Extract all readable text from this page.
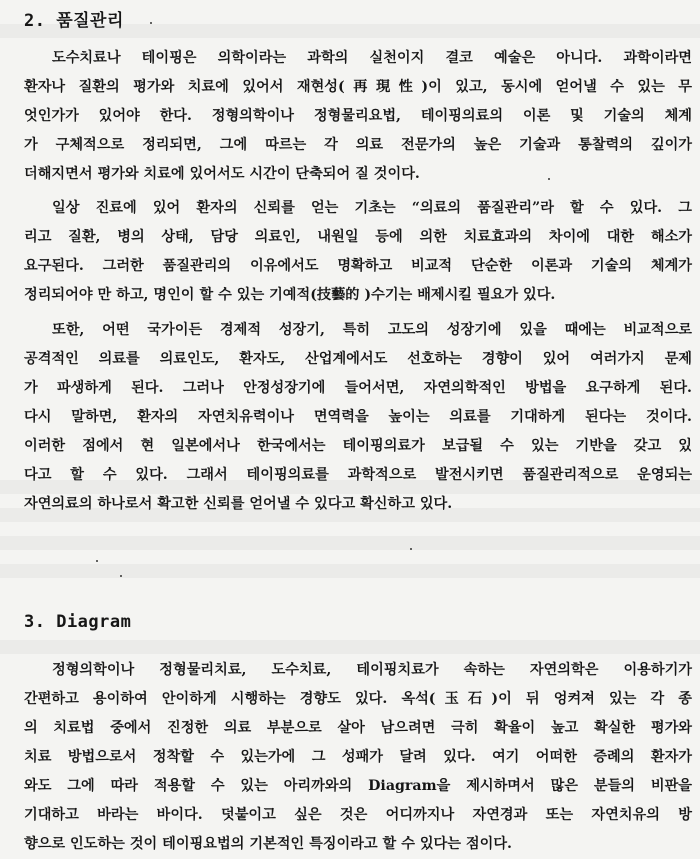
2. 품질관리

도수치료나 테이핑은 의학이라는 과학의 실천이지 결코 예술은 아니다. 과학이라면
환자나 질환의 평가와 치료에 있어서 재현성(再現性)이 있고, 동시에 얻어낼 수 있는 무
엇인가가 있어야 한다. 정형의학이나 정형물리요법, 테이핑의료의 이론 및 기술의 체계
가 구체적으로 정리되면, 그에 따르는 각 의료 전문가의 높은 기술과 통찰력의 깊이가
더해지면서 평가와 치료에 있어서도 시간이 단축되어 질 것이다.

일상 진료에 있어 환자의 신뢰를 얻는 기초는 “의료의 품질관리”라 할 수 있다. 그
리고 질환, 병의 상태, 담당 의료인, 내원일 등에 의한 치료효과의 차이에 대한 해소가
요구된다. 그러한 품질관리의 이유에서도 명확하고 비교적 단순한 이론과 기술의 체계가
정리되어야 만 하고, 명인이 할 수 있는 기예적(技藝的 )수기는 배제시킬 필요가 있다.

또한, 어떤 국가이든 경제적 성장기, 특히 고도의 성장기에 있을 때에는 비교적으로
공격적인 의료를 의료인도, 환자도, 산업계에서도 선호하는 경향이 있어 여러가지 문제
가 파생하게 된다. 그러나 안정성장기에 들어서면, 자연의학적인 방법을 요구하게 된다.
다시 말하면, 환자의 자연치유력이나 면역력을 높이는 의료를 기대하게 된다는 것이다.
이러한 점에서 현 일본에서나 한국에서는 테이핑의료가 보급될 수 있는 기반을 갖고 있
다고 할 수 있다. 그래서 테이핑의료를 과학적으로 발전시키면 품질관리적으로 운영되는
자연의료의 하나로서 확고한 신뢰를 얻어낼 수 있다고 확신하고 있다.

3. Diagram

정형의학이나 정형물리치료, 도수치료, 테이핑치료가 속하는 자연의학은 이용하기가
간편하고 용이하여 안이하게 시행하는 경향도 있다. 옥석(玉石)이 뒤 엉켜져 있는 각 종
의 치료법 중에서 진정한 의료 부분으로 살아 남으려면 극히 확율이 높고 확실한 평가와
치료 방법으로서 정착할 수 있는가에 그 성패가 달려 있다. 여기 어떠한 증례의 환자가
와도 그에 따라 적용할 수 있는 아리까와의 Diagram을 제시하며서 많은 분들의 비판을
기대하고 바라는 바이다. 덧붙이고 싶은 것은 어디까지나 자연경과 또는 자연치유의 방
향으로 인도하는 것이 테이핑요법의 기본적인 특징이라고 할 수 있다는 점이다.
